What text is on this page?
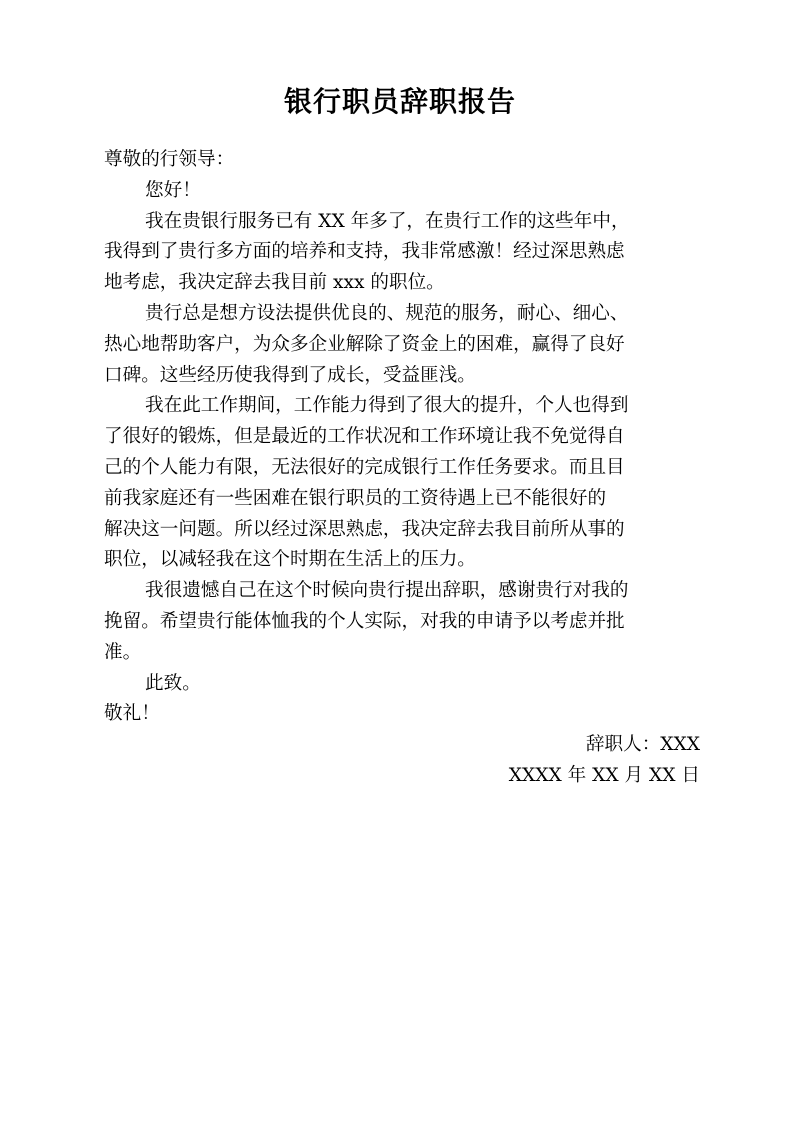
银行职员辞职报告
尊敬的行领导：
您好！
我在贵银行服务已有 XX 年多了，在贵行工作的这些年中，
我得到了贵行多方面的培养和支持，我非常感激！经过深思熟虑
地考虑，我决定辞去我目前 xxx 的职位。
贵行总是想方设法提供优良的、规范的服务，耐心、细心、
热心地帮助客户，为众多企业解除了资金上的困难，赢得了良好
口碑。这些经历使我得到了成长，受益匪浅。
我在此工作期间，工作能力得到了很大的提升，个人也得到
了很好的锻炼，但是最近的工作状况和工作环境让我不免觉得自
己的个人能力有限，无法很好的完成银行工作任务要求。而且目
前我家庭还有一些困难在银行职员的工资待遇上已不能很好的
解决这一问题。所以经过深思熟虑，我决定辞去我目前所从事的
职位，以减轻我在这个时期在生活上的压力。
我很遗憾自己在这个时候向贵行提出辞职，感谢贵行对我的
挽留。希望贵行能体恤我的个人实际，对我的申请予以考虑并批
准。
此致。
敬礼！
辞职人：XXX
XXXX 年 XX 月 XX 日
